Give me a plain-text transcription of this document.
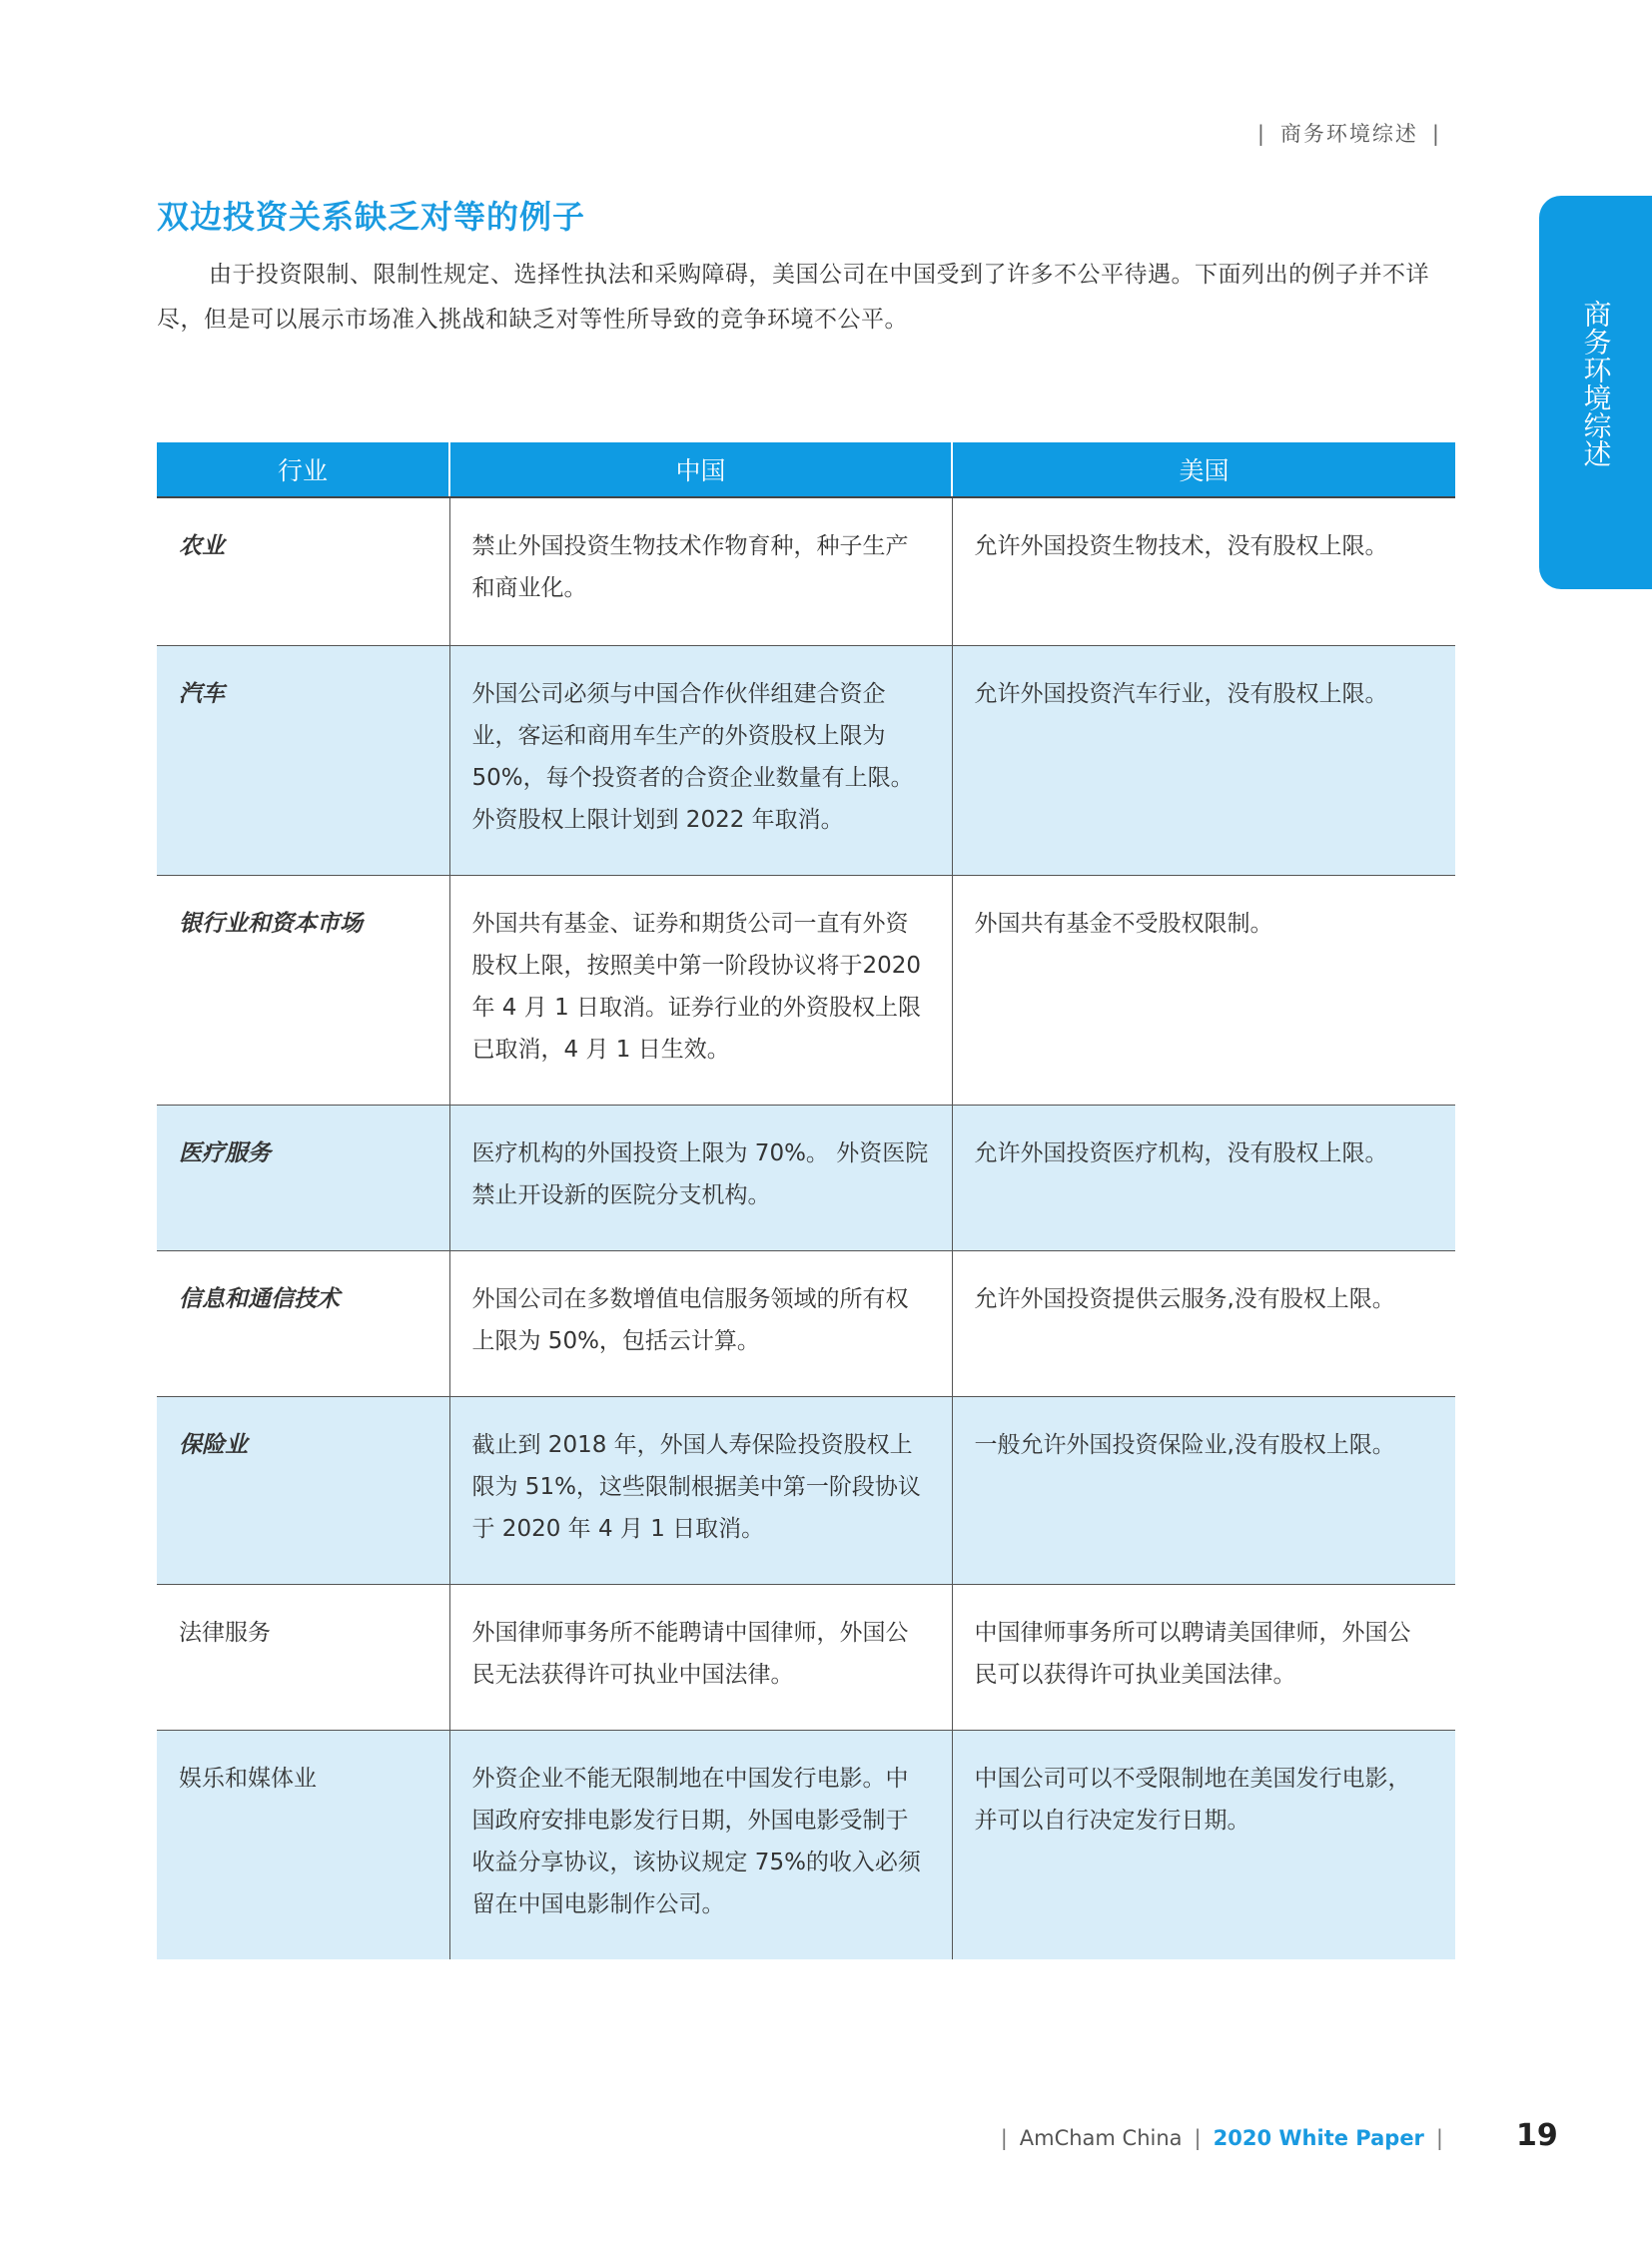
| 商务环境综述 |
商务环境综述
双边投资关系缺乏对等的例子
由于投资限制、限制性规定、选择性执法和采购障碍，美国公司在中国受到了许多不公平待遇。下面列出的例子并不详尽，但是可以展示市场准入挑战和缺乏对等性所导致的竞争环境不公平。
行业	中国	美国
农业	禁止外国投资生物技术作物育种，种子生产和商业化。	允许外国投资生物技术，没有股权上限。
汽车	外国公司必须与中国合作伙伴组建合资企业，客运和商用车生产的外资股权上限为50%，每个投资者的合资企业数量有上限。外资股权上限计划到 2022 年取消。	允许外国投资汽车行业，没有股权上限。
银行业和资本市场	外国共有基金、证券和期货公司一直有外资股权上限，按照美中第一阶段协议将于2020 年 4 月 1 日取消。证券行业的外资股权上限已取消，4 月 1 日生效。	外国共有基金不受股权限制。
医疗服务	医疗机构的外国投资上限为 70%。 外资医院禁止开设新的医院分支机构。	允许外国投资医疗机构，没有股权上限。
信息和通信技术	外国公司在多数增值电信服务领域的所有权上限为 50%，包括云计算。	允许外国投资提供云服务,没有股权上限。
保险业	截止到 2018 年，外国人寿保险投资股权上限为 51%，这些限制根据美中第一阶段协议于 2020 年 4 月 1 日取消。	一般允许外国投资保险业,没有股权上限。
法律服务	外国律师事务所不能聘请中国律师，外国公民无法获得许可执业中国法律。	中国律师事务所可以聘请美国律师，外国公民可以获得许可执业美国法律。
娱乐和媒体业	外资企业不能无限制地在中国发行电影。中国政府安排电影发行日期，外国电影受制于收益分享协议，该协议规定 75%的收入必须留在中国电影制作公司。	中国公司可以不受限制地在美国发行电影，并可以自行决定发行日期。
| AmCham China | 2020 White Paper |	19
